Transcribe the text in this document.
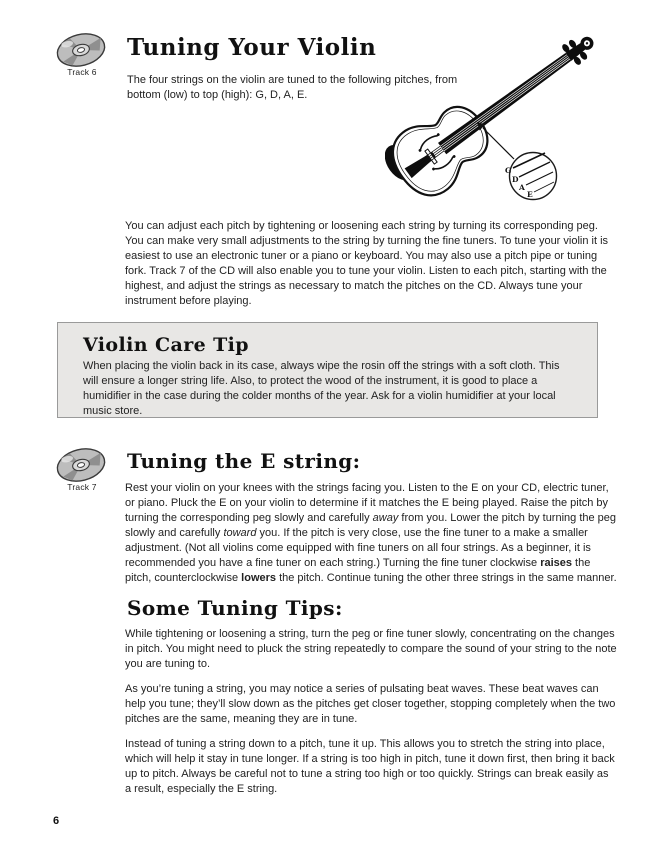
Track 6
Tuning Your Violin

The four strings on the violin are tuned to the following pitches, from bottom (low) to top (high): G, D, A, E.

G
D
A
E

You can adjust each pitch by tightening or loosening each string by turning its corresponding peg. You can make very small adjustments to the string by turning the fine tuners. To tune your violin it is easiest to use an electronic tuner or a piano or keyboard. You may also use a pitch pipe or tuning fork. Track 7 of the CD will also enable you to tune your violin. Listen to each pitch, starting with the highest, and adjust the strings as necessary to match the pitches on the CD. Always tune your instrument before playing.

Violin Care Tip

When placing the violin back in its case, always wipe the rosin off the strings with a soft cloth. This will ensure a longer string life. Also, to protect the wood of the instrument, it is good to place a humidifier in the case during the colder months of the year. Ask for a violin humidifier at your local music store.

Track 7
Tuning the E string:

Rest your violin on your knees with the strings facing you. Listen to the E on your CD, electric tuner, or piano. Pluck the E on your violin to determine if it matches the E being played. Raise the pitch by turning the corresponding peg slowly and carefully away from you. Lower the pitch by turning the peg slowly and carefully toward you. If the pitch is very close, use the fine tuner to a make a smaller adjustment. (Not all violins come equipped with fine tuners on all four strings. As a beginner, it is recommended you have a fine tuner on each string.) Turning the fine tuner clockwise raises the pitch, counterclockwise lowers the pitch. Continue tuning the other three strings in the same manner.

Some Tuning Tips:

While tightening or loosening a string, turn the peg or fine tuner slowly, concentrating on the changes in pitch. You might need to pluck the string repeatedly to compare the sound of your string to the note you are tuning to.

As you’re tuning a string, you may notice a series of pulsating beat waves. These beat waves can help you tune; they’ll slow down as the pitches get closer together, stopping completely when the two pitches are the same, meaning they are in tune.

Instead of tuning a string down to a pitch, tune it up. This allows you to stretch the string into place, which will help it stay in tune longer. If a string is too high in pitch, tune it down first, then bring it back up to pitch. Always be careful not to tune a string too high or too quickly. Strings can break easily as a result, especially the E string.

6
